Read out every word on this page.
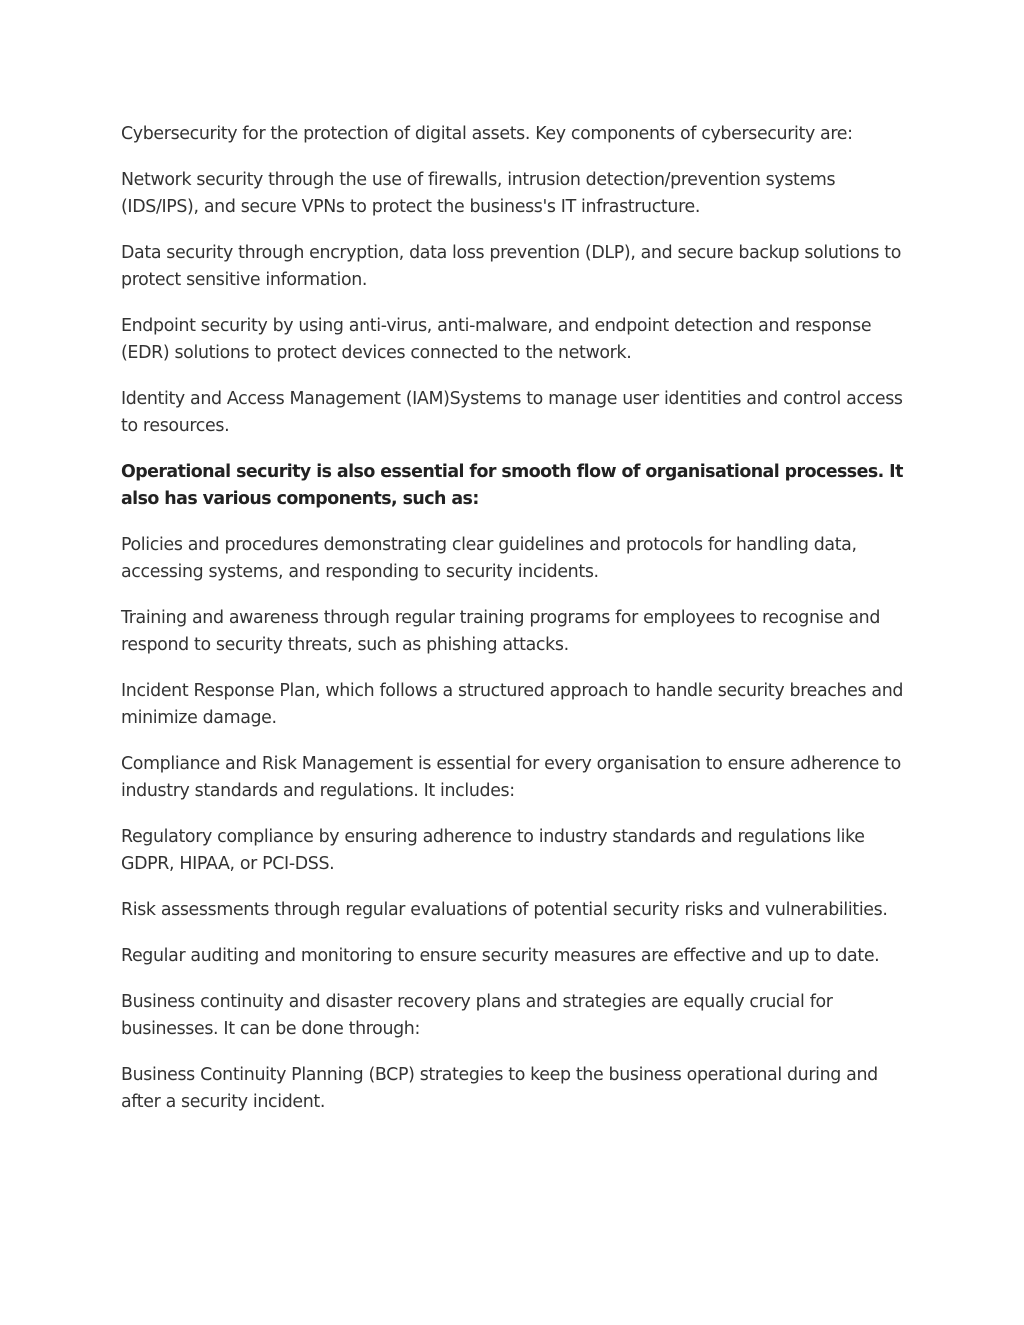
Cybersecurity for the protection of digital assets. Key components of cybersecurity are:

Network security through the use of firewalls, intrusion detection/prevention systems (IDS/IPS), and secure VPNs to protect the business's IT infrastructure.

Data security through encryption, data loss prevention (DLP), and secure backup solutions to protect sensitive information.

Endpoint security by using anti-virus, anti-malware, and endpoint detection and response (EDR) solutions to protect devices connected to the network.

Identity and Access Management (IAM)Systems to manage user identities and control access to resources.

Operational security is also essential for smooth flow of organisational processes. It also has various components, such as:

Policies and procedures demonstrating clear guidelines and protocols for handling data, accessing systems, and responding to security incidents.

Training and awareness through regular training programs for employees to recognise and respond to security threats, such as phishing attacks.

Incident Response Plan, which follows a structured approach to handle security breaches and minimize damage.

Compliance and Risk Management is essential for every organisation to ensure adherence to industry standards and regulations. It includes:

Regulatory compliance by ensuring adherence to industry standards and regulations like GDPR, HIPAA, or PCI-DSS.

Risk assessments through regular evaluations of potential security risks and vulnerabilities.

Regular auditing and monitoring to ensure security measures are effective and up to date.

Business continuity and disaster recovery plans and strategies are equally crucial for businesses. It can be done through:

Business Continuity Planning (BCP) strategies to keep the business operational during and after a security incident.
